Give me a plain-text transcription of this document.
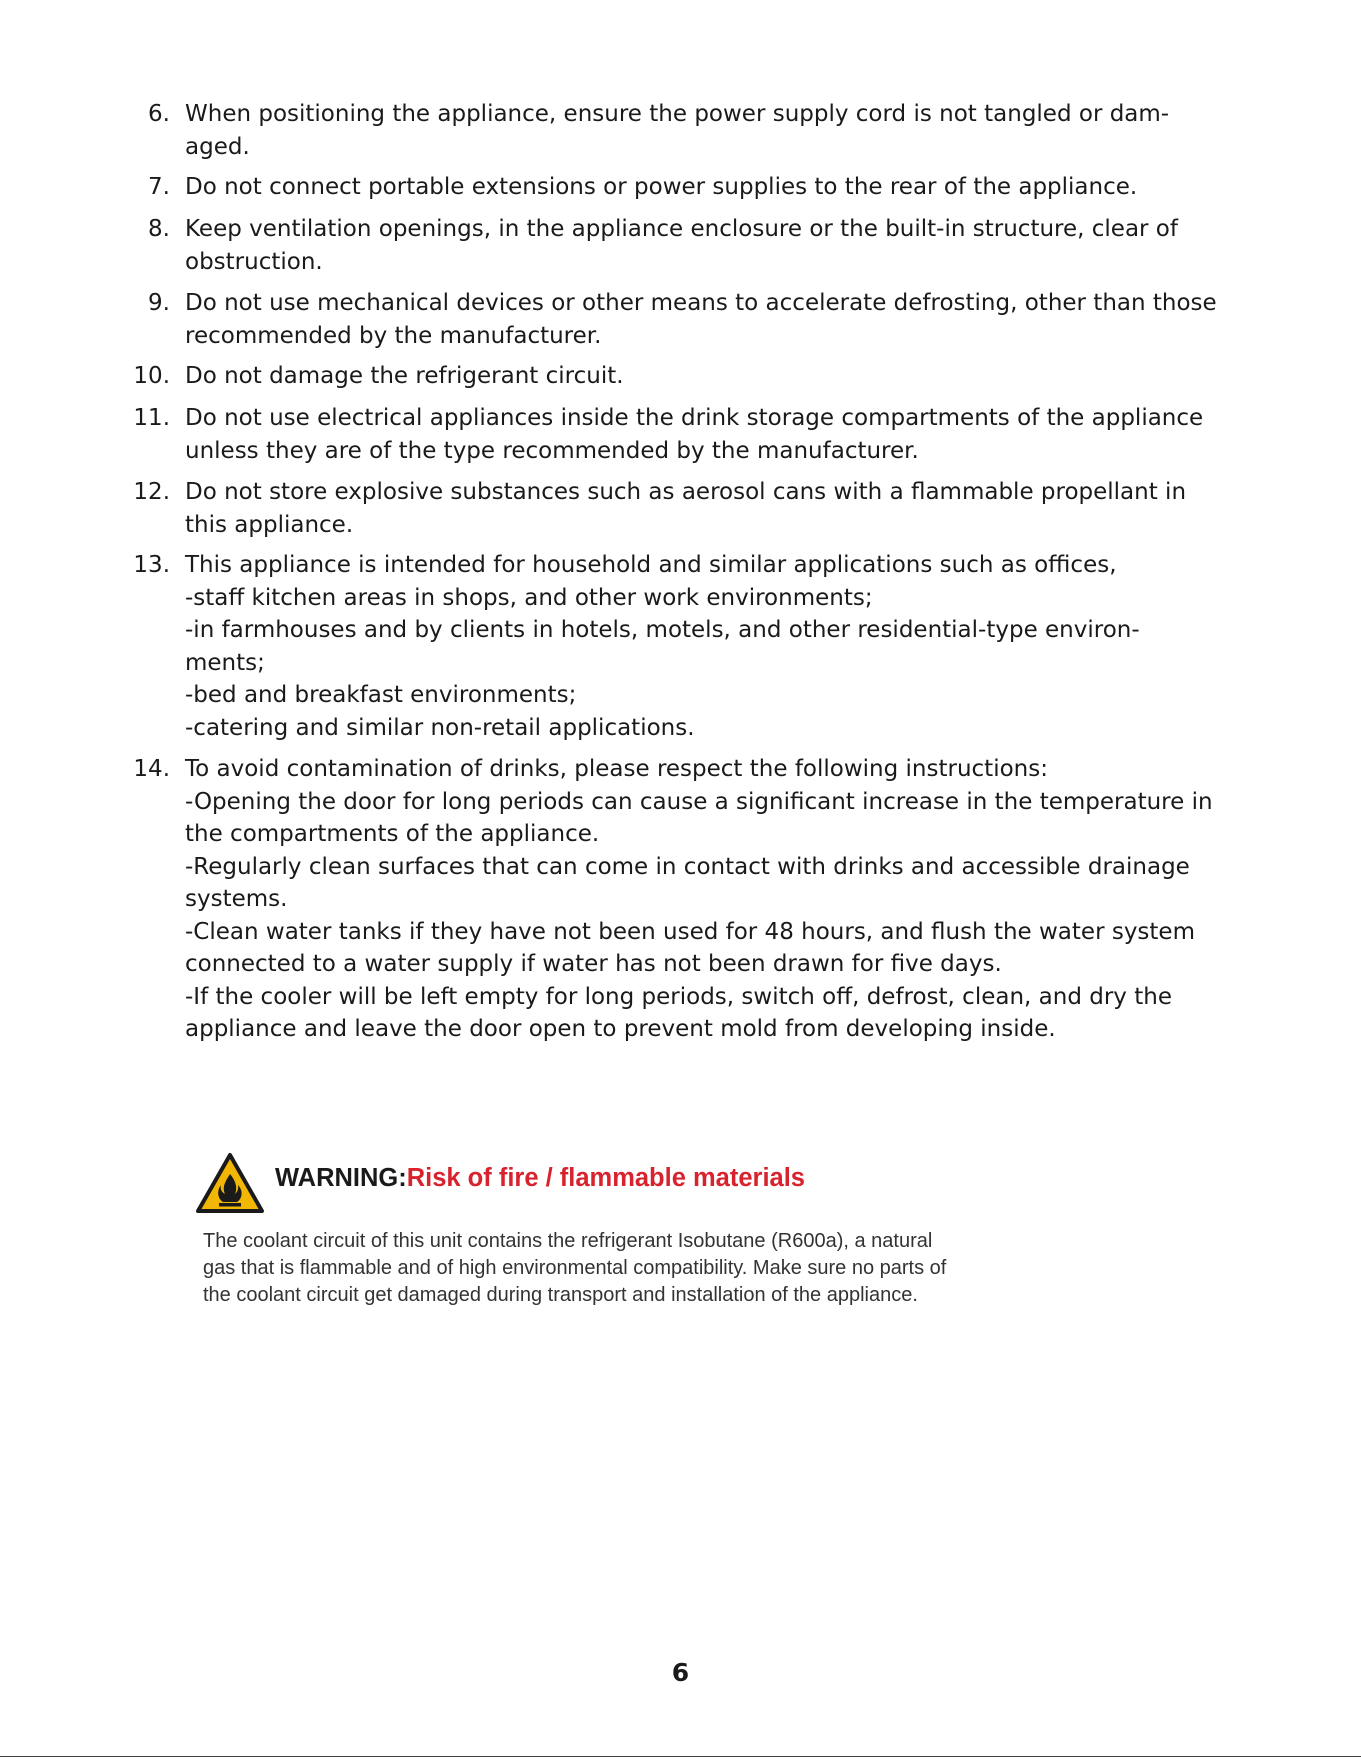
6. When positioning the appliance, ensure the power supply cord is not tangled or dam-
aged.
7. Do not connect portable extensions or power supplies to the rear of the appliance.
8. Keep ventilation openings, in the appliance enclosure or the built-in structure, clear of
obstruction.
9. Do not use mechanical devices or other means to accelerate defrosting, other than those
recommended by the manufacturer.
10. Do not damage the refrigerant circuit.
11. Do not use electrical appliances inside the drink storage compartments of the appliance
unless they are of the type recommended by the manufacturer.
12. Do not store explosive substances such as aerosol cans with a flammable propellant in
this appliance.
13. This appliance is intended for household and similar applications such as offices,
-staff kitchen areas in shops, and other work environments;
-in farmhouses and by clients in hotels, motels, and other residential-type environ-
ments;
-bed and breakfast environments;
-catering and similar non-retail applications.
14. To avoid contamination of drinks, please respect the following instructions:
-Opening the door for long periods can cause a significant increase in the temperature in
the compartments of the appliance.
-Regularly clean surfaces that can come in contact with drinks and accessible drainage
systems.
-Clean water tanks if they have not been used for 48 hours, and flush the water system
connected to a water supply if water has not been drawn for five days.
-If the cooler will be left empty for long periods, switch off, defrost, clean, and dry the
appliance and leave the door open to prevent mold from developing inside.
WARNING:Risk of fire / flammable materials
The coolant circuit of this unit contains the refrigerant Isobutane (R600a), a natural
gas that is flammable and of high environmental compatibility. Make sure no parts of
the coolant circuit get damaged during transport and installation of the appliance.
6
